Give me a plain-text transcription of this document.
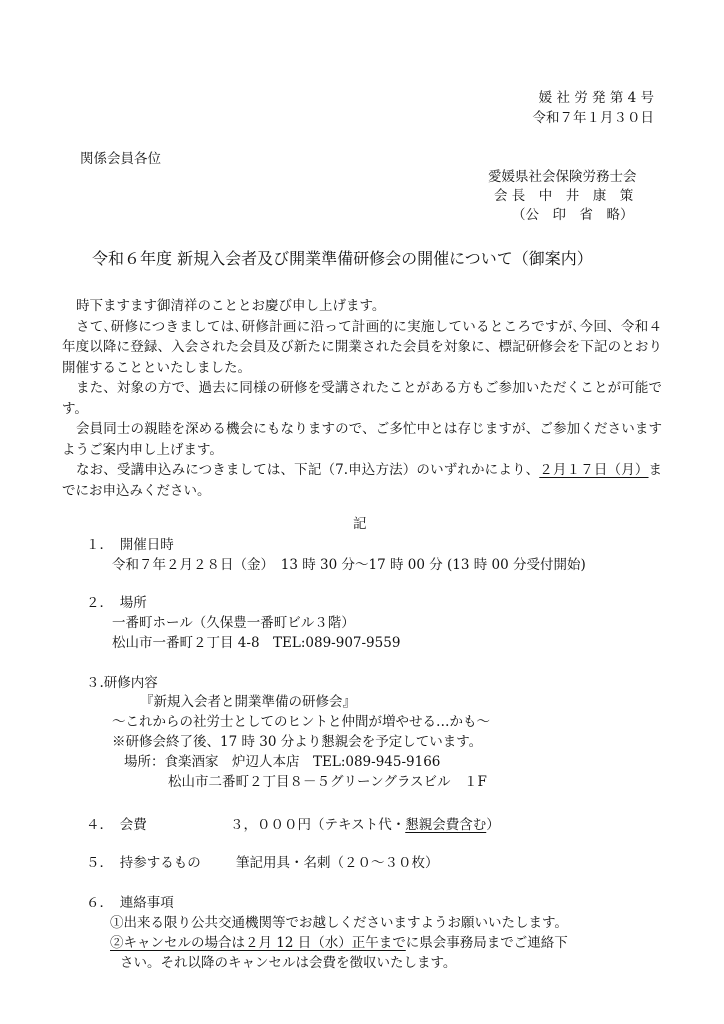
媛 社 労 発 第 4 号
令和７年１月３０日
関係会員各位
愛媛県社会保険労務士会
会 長　中　井　康　策
（公　印　省　略）
令和６年度 新規入会者及び開業準備研修会の開催について（御案内）

時下ますます御清祥のこととお慶び申し上げます。

さて､研修につきましては､研修計画に沿って計画的に実施しているところですが､今回、令和４年度以降に登録、入会された会員及び新たに開業された会員を対象に、標記研修会を下記のとおり開催することといたしました。

また、対象の方で、過去に同様の研修を受講されたことがある方もご参加いただくことが可能です。

会員同士の親睦を深める機会にもなりますので、ご多忙中とは存じますが、ご参加くださいますようご案内申し上げます。

なお、受講申込みにつきましては、下記（7.申込方法）のいずれかにより、２月１７日（月）までにお申込みください。

記
１．　開催日時
令和７年２月２８日（金）　13 時 30 分～17 時 00 分 (13 時 00 分受付開始)
２．　場所
一番町ホール（久保豊一番町ビル３階）
松山市一番町２丁目 4-8　TEL:089-907-9559
３.研修内容
『新規入会者と開業準備の研修会』
～これからの社労士としてのヒントと仲間が増やせる…かも～
※研修会終了後、17 時 30 分より懇親会を予定しています。
場所：食楽酒家　炉辺人本店　TEL:089-945-9166
松山市二番町２丁目８－５グリーングラスビル　１F
４．　会費	３，０００円（テキスト代・懇親会費含む）
５．　持参するもの	筆記用具・名刺（２０～３０枚）
６．　連絡事項
①出来る限り公共交通機関等でお越しくださいますようお願いいたします。
②キャンセルの場合は２月 12 日（水）正午までに県会事務局までご連絡下
さい。それ以降のキャンセルは会費を徴収いたします。
